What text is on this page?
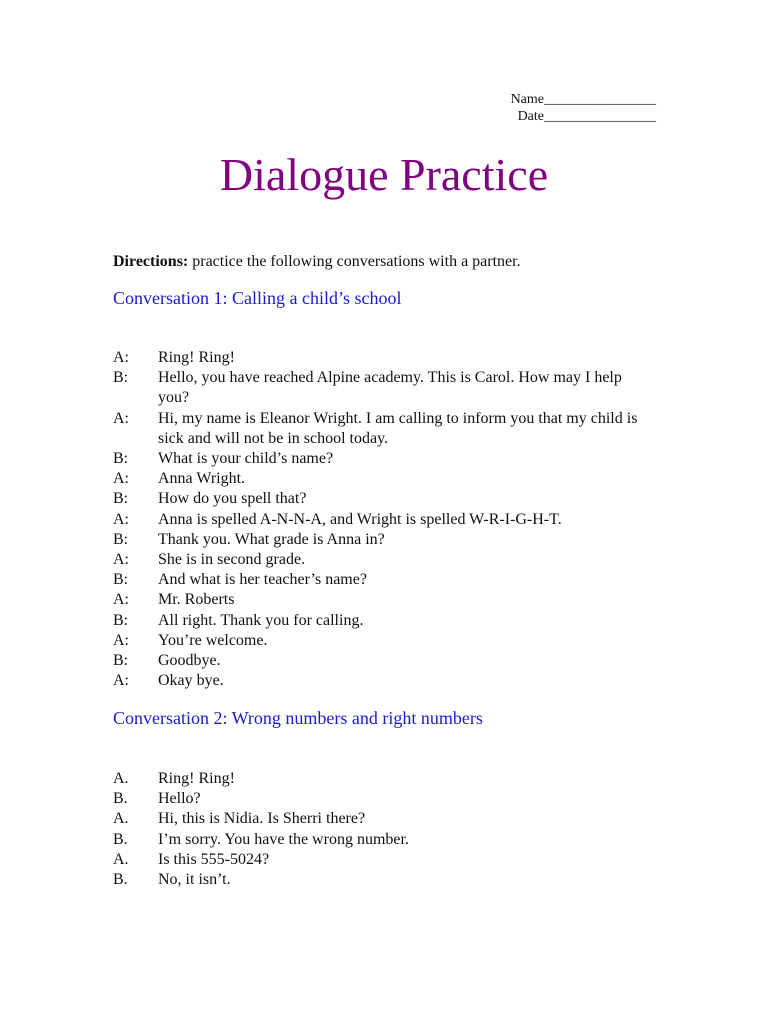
Name________________
Date________________
Dialogue Practice
Directions: practice the following conversations with a partner.
Conversation 1: Calling a child’s school
A:	Ring! Ring!
B:	Hello, you have reached Alpine academy. This is Carol. How may I help you?
A:	Hi, my name is Eleanor Wright. I am calling to inform you that my child is sick and will not be in school today.
B:	What is your child’s name?
A:	Anna Wright.
B:	How do you spell that?
A:	Anna is spelled A-N-N-A, and Wright is spelled W-R-I-G-H-T.
B:	Thank you. What grade is Anna in?
A:	She is in second grade.
B:	And what is her teacher’s name?
A:	Mr. Roberts
B:	All right. Thank you for calling.
A:	You’re welcome.
B:	Goodbye.
A:	Okay bye.
Conversation 2: Wrong numbers and right numbers
A.	Ring! Ring!
B.	Hello?
A.	Hi, this is Nidia. Is Sherri there?
B.	I’m sorry. You have the wrong number.
A.	Is this 555-5024?
B.	No, it isn’t.
